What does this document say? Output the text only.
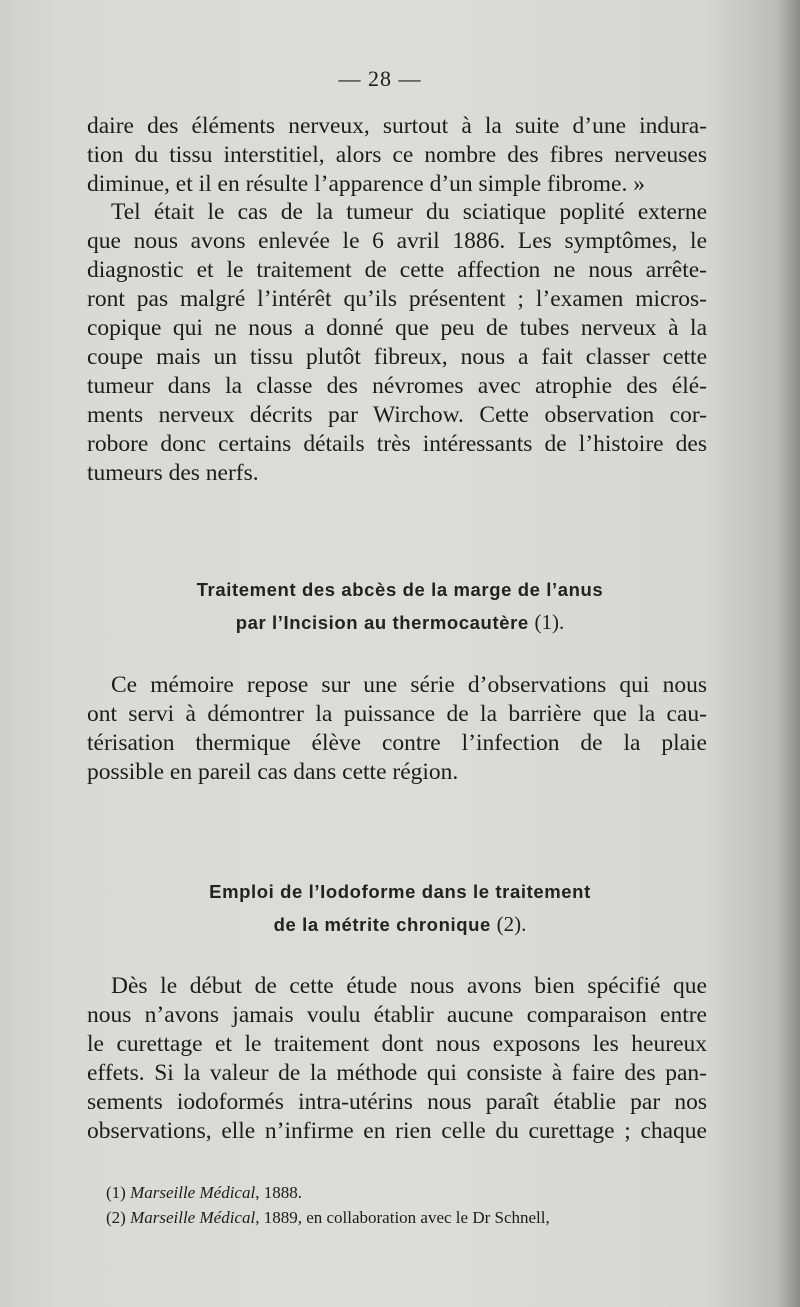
— 28 —
daire des éléments nerveux, surtout à la suite d’une indura-
tion du tissu interstitiel, alors ce nombre des fibres nerveuses
diminue, et il en résulte l’apparence d’un simple fibrome. »
Tel était le cas de la tumeur du sciatique poplité externe
que nous avons enlevée le 6 avril 1886. Les symptômes, le
diagnostic et le traitement de cette affection ne nous arrête-
ront pas malgré l’intérêt qu’ils présentent ; l’examen micros-
copique qui ne nous a donné que peu de tubes nerveux à la
coupe mais un tissu plutôt fibreux, nous a fait classer cette
tumeur dans la classe des névromes avec atrophie des élé-
ments nerveux décrits par Wirchow. Cette observation cor-
robore donc certains détails très intéressants de l’histoire des
tumeurs des nerfs.
Traitement des abcès de la marge de l’anus
par l’Incision au thermocautère (1).
Ce mémoire repose sur une série d’observations qui nous
ont servi à démontrer la puissance de la barrière que la cau-
térisation thermique élève contre l’infection de la plaie
possible en pareil cas dans cette région.
Emploi de l’Iodoforme dans le traitement
de la métrite chronique (2).
Dès le début de cette étude nous avons bien spécifié que
nous n’avons jamais voulu établir aucune comparaison entre
le curettage et le traitement dont nous exposons les heureux
effets. Si la valeur de la méthode qui consiste à faire des pan-
sements iodoformés intra-utérins nous paraît établie par nos
observations, elle n’infirme en rien celle du curettage ; chaque
(1) Marseille Médical, 1888.
(2) Marseille Médical, 1889, en collaboration avec le Dr Schnell,
